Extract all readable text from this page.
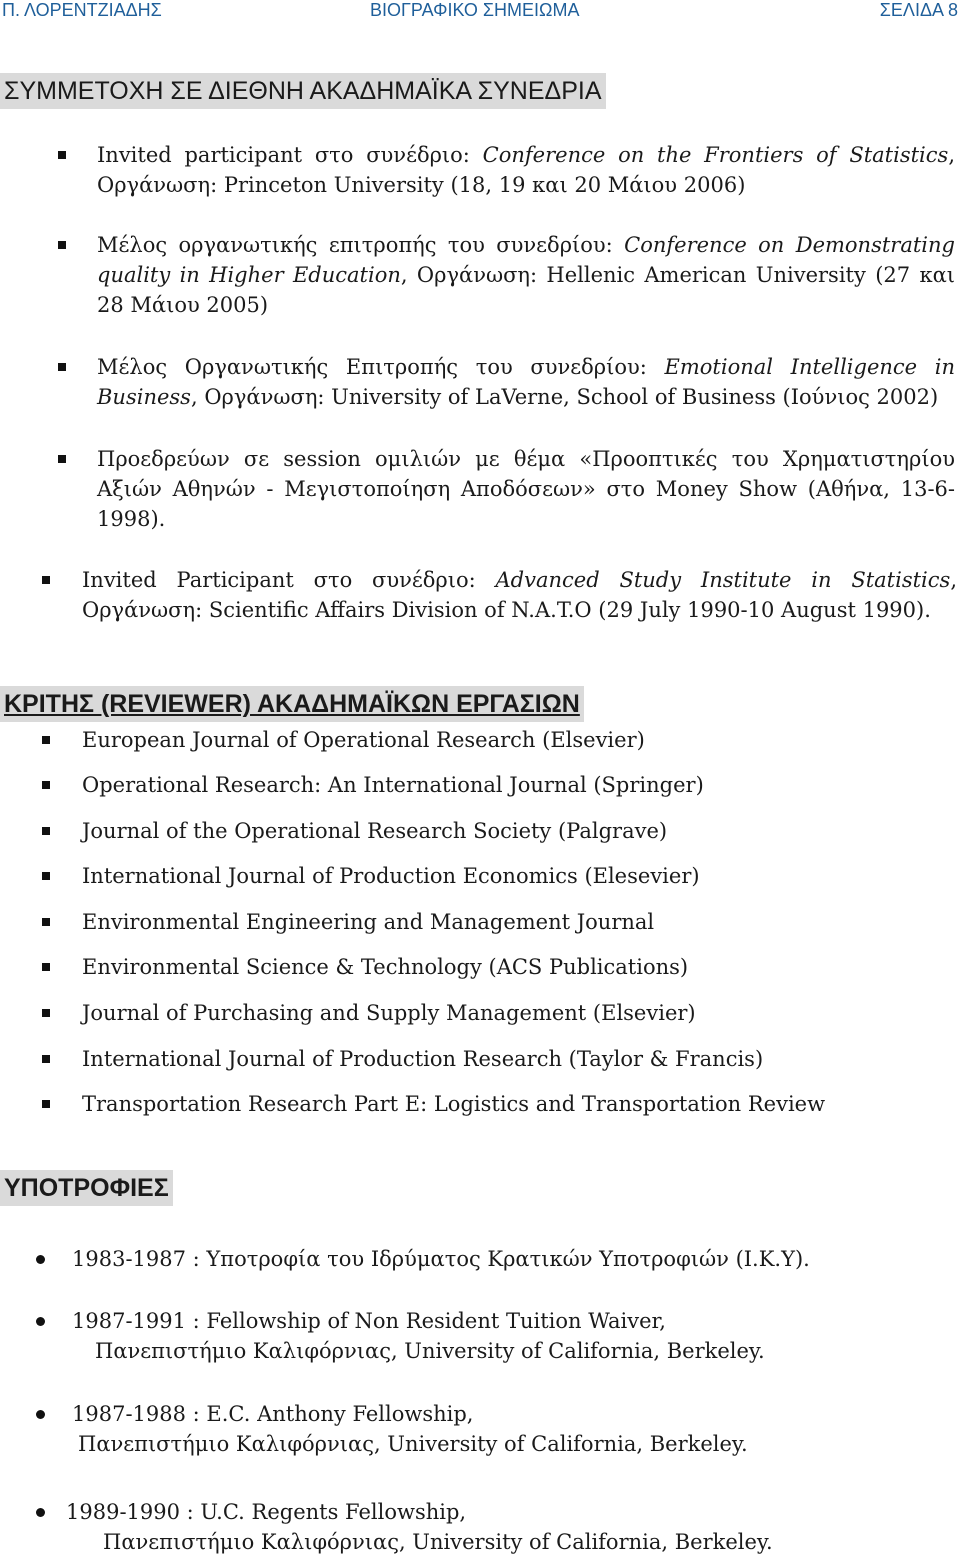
Π. ΛΟΡΕΝΤΖΙΑΔΗΣ	ΒΙΟΓΡΑΦΙΚΟ ΣΗΜΕΙΩΜΑ	ΣΕΛΙΔΑ 8
ΣΥΜΜΕΤΟΧΗ ΣΕ ΔΙΕΘΝΗ ΑΚΑΔΗΜΑΪΚΑ ΣΥΝΕΔΡΙΑ
Invited participant στο συνέδριο: Conference on the Frontiers of Statistics, Οργάνωση: Princeton University (18, 19 και 20 Μάιου 2006)
Μέλος οργανωτικής επιτροπής του συνεδρίου: Conference on Demonstrating quality in Higher Education, Οργάνωση: Hellenic American University (27 και 28 Μάιου 2005)
Μέλος Οργανωτικής Επιτροπής του συνεδρίου: Emotional Intelligence in Business, Οργάνωση: University of LaVerne, School of Business (Ιούνιος 2002)
Προεδρεύων σε session ομιλιών με θέμα «Προοπτικές του Χρηματιστηρίου Αξιών Αθηνών - Μεγιστοποίηση Αποδόσεων» στο Money Show (Αθήνα, 13-6-1998).
Invited Participant στο συνέδριο: Advanced Study Institute in Statistics, Οργάνωση: Scientific Affairs Division of N.A.T.O (29 July 1990-10 August 1990).
ΚΡΙΤΗΣ (REVIEWER) ΑΚΑΔΗΜΑΪΚΩΝ ΕΡΓΑΣΙΩΝ
European Journal of Operational Research (Elsevier)
Operational Research: An International Journal (Springer)
Journal of the Operational Research Society (Palgrave)
International Journal of Production Economics (Elesevier)
Environmental Engineering and Management Journal
Environmental Science & Technology (ACS Publications)
Journal of Purchasing and Supply Management (Elsevier)
International Journal of Production Research (Taylor & Francis)
Transportation Research Part E: Logistics and Transportation Review
ΥΠΟΤΡΟΦΙΕΣ
1983-1987 : Υποτροφία του Ιδρύματος Κρατικών Υποτροφιών (Ι.Κ.Υ).
1987-1991 : Fellowship of Non Resident Tuition Waiver,
Πανεπιστήμιο Καλιφόρνιας, University of California, Berkeley.
1987-1988 : E.C. Anthony Fellowship,
Πανεπιστήμιο Καλιφόρνιας, University of California, Berkeley.
1989-1990 : U.C. Regents Fellowship,
Πανεπιστήμιο Καλιφόρνιας, University of California, Berkeley.
